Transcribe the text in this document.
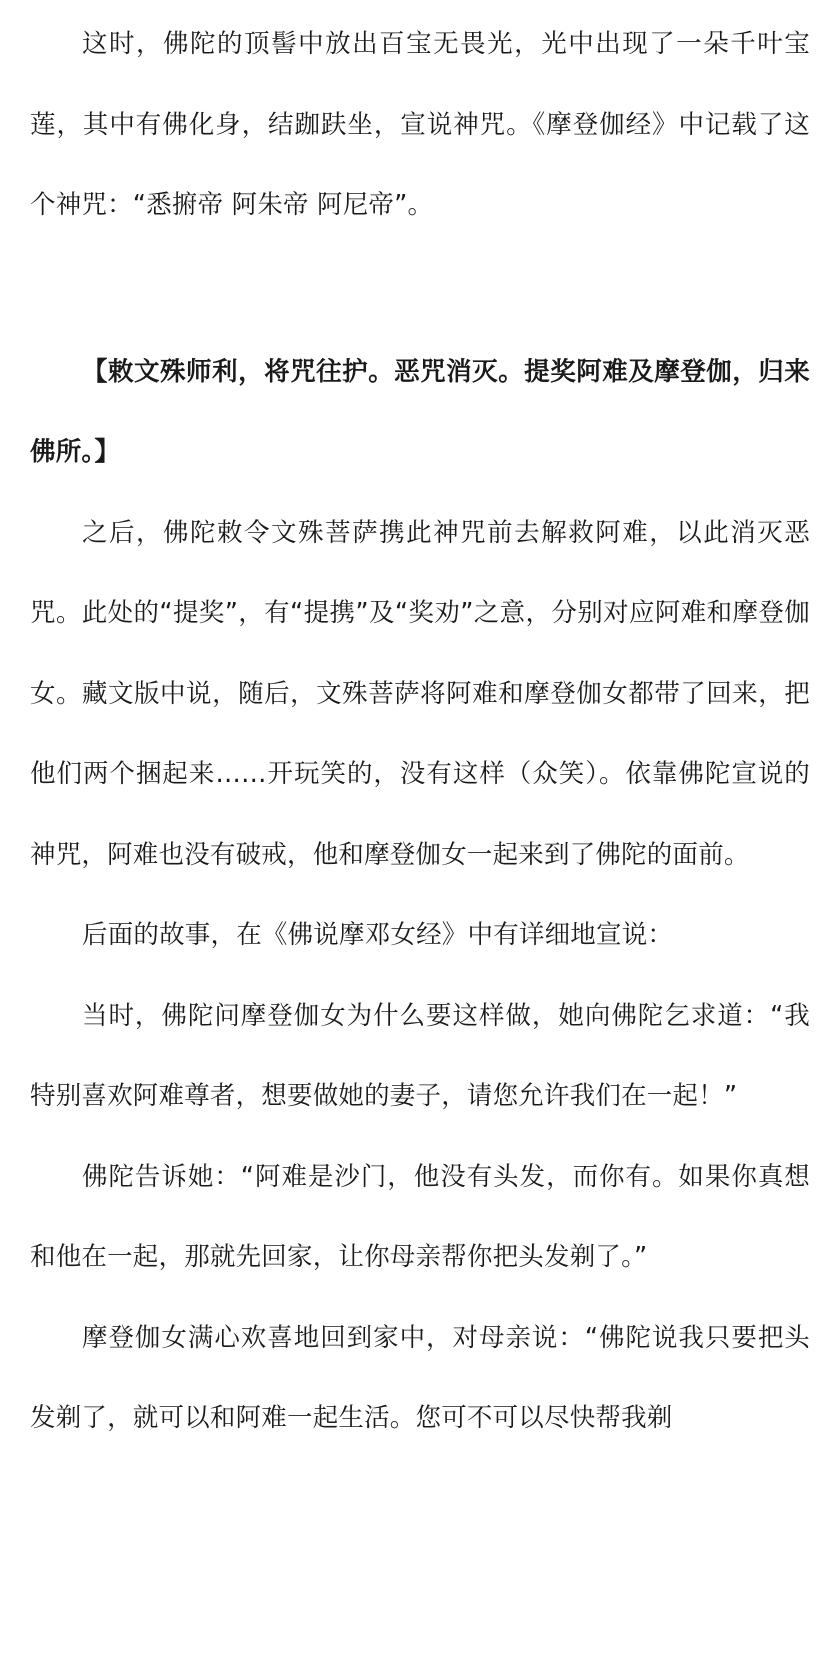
这时，佛陀的顶髻中放出百宝无畏光，光中出现了一朵千叶宝莲，其中有佛化身，结跏趺坐，宣说神咒。《摩登伽经》中记载了这个神咒：“悉捬帝 阿朱帝 阿尼帝”。

【敕文殊师利，将咒往护。恶咒消灭。提奖阿难及摩登伽，归来佛所。】

之后，佛陀敕令文殊菩萨携此神咒前去解救阿难，以此消灭恶咒。此处的“提奖”，有“提携”及“奖劝”之意，分别对应阿难和摩登伽女。藏文版中说，随后，文殊菩萨将阿难和摩登伽女都带了回来，把他们两个捆起来……开玩笑的，没有这样（众笑）。依靠佛陀宣说的神咒，阿难也没有破戒，他和摩登伽女一起来到了佛陀的面前。

后面的故事，在《佛说摩邓女经》中有详细地宣说：

当时，佛陀问摩登伽女为什么要这样做，她向佛陀乞求道：“我特别喜欢阿难尊者，想要做她的妻子，请您允许我们在一起！”

佛陀告诉她：“阿难是沙门，他没有头发，而你有。如果你真想和他在一起，那就先回家，让你母亲帮你把头发剃了。”

摩登伽女满心欢喜地回到家中，对母亲说：“佛陀说我只要把头发剃了，就可以和阿难一起生活。您可不可以尽快帮我剃
